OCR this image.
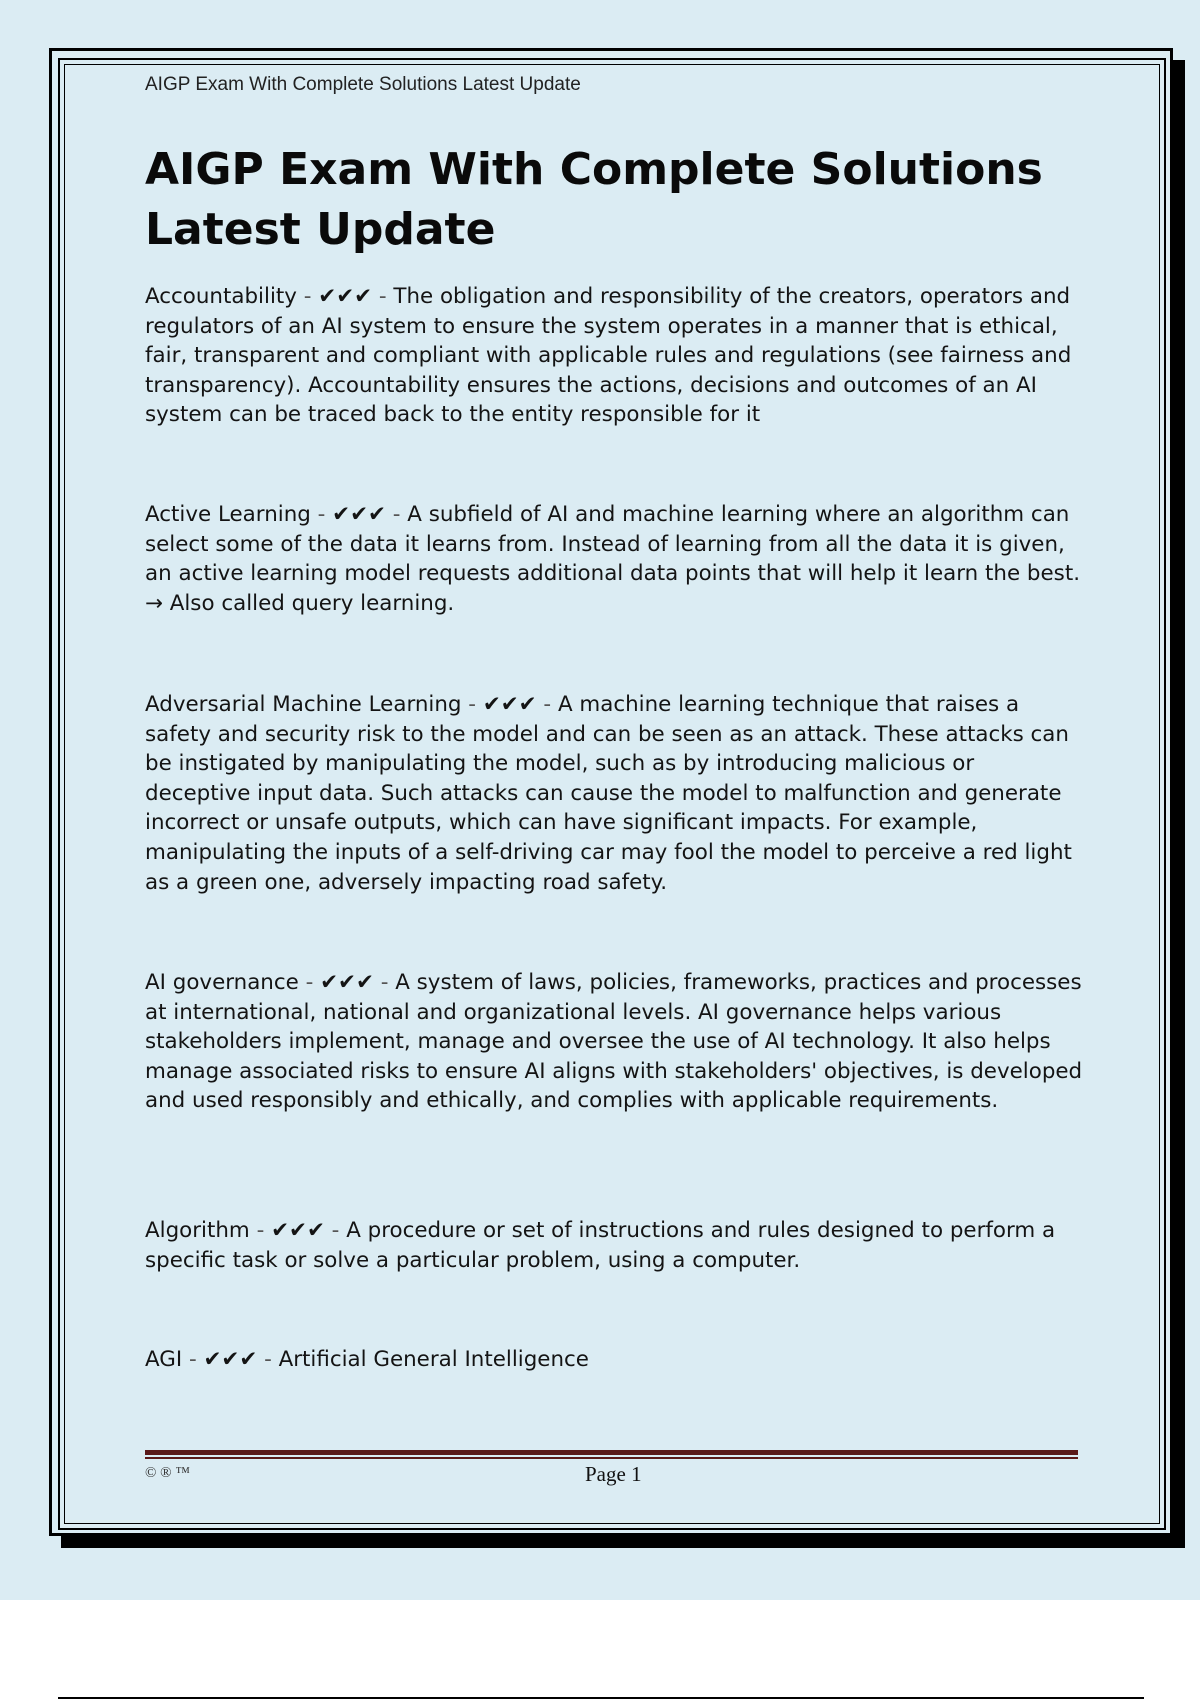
AIGP Exam With Complete Solutions Latest Update
AIGP Exam With Complete Solutions Latest Update

Accountability - ✔✔✔ - The obligation and responsibility of the creators, operators and regulators of an AI system to ensure the system operates in a manner that is ethical, fair, transparent and compliant with applicable rules and regulations (see fairness and transparency). Accountability ensures the actions, decisions and outcomes of an AI system can be traced back to the entity responsible for it

Active Learning - ✔✔✔ - A subfield of AI and machine learning where an algorithm can select some of the data it learns from. Instead of learning from all the data it is given, an active learning model requests additional data points that will help it learn the best. → Also called query learning.

Adversarial Machine Learning - ✔✔✔ - A machine learning technique that raises a safety and security risk to the model and can be seen as an attack. These attacks can be instigated by manipulating the model, such as by introducing malicious or deceptive input data. Such attacks can cause the model to malfunction and generate incorrect or unsafe outputs, which can have significant impacts. For example, manipulating the inputs of a self-driving car may fool the model to perceive a red light as a green one, adversely impacting road safety.

AI governance - ✔✔✔ - A system of laws, policies, frameworks, practices and processes at international, national and organizational levels. AI governance helps various stakeholders implement, manage and oversee the use of AI technology. It also helps manage associated risks to ensure AI aligns with stakeholders' objectives, is developed and used responsibly and ethically, and complies with applicable requirements.

Algorithm - ✔✔✔ - A procedure or set of instructions and rules designed to perform a specific task or solve a particular problem, using a computer.

AGI - ✔✔✔ - Artificial General Intelligence

© ® ™	Page 1
